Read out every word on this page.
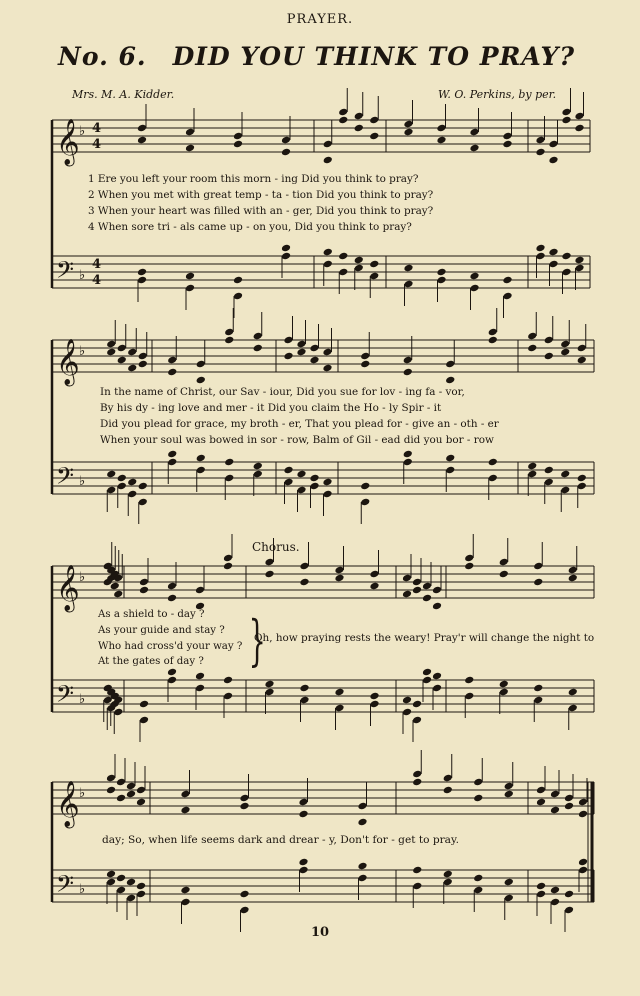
𝄞
𝄢
♭
♭
𝄞
𝄢
♭
♭
𝄞
𝄢
♭
♭
𝄞
𝄢
♭
♭
4
4
4
4
PRAYER.
No. 6. DID YOU THINK TO PRAY?
Mrs. M. A. Kidder.	W. O. Perkins, by per.
1 Ere you left your room this morn - ing Did you think to pray?
2 When you met with great temp - ta - tion Did you think to pray?
3 When your heart was filled with an - ger, Did you think to pray?
4 When sore tri - als came up - on you, Did you think to pray?
In the name of Christ, our Sav - iour, Did you sue for lov - ing fa - vor,
By his dy - ing love and mer - it Did you claim the Ho - ly Spir - it
Did you plead for grace, my broth - er, That you plead for - give an - oth - er
When your soul was bowed in sor - row, Balm of Gil - ead did you bor - row
Chorus.
As a shield to - day ?
As your guide and stay ?
Who had cross'd your way ?
At the gates of day ? }
Oh, how praying rests the weary! Pray'r will change the night to
day; So, when life seems dark and drear - y, Don't for - get to pray.
10
